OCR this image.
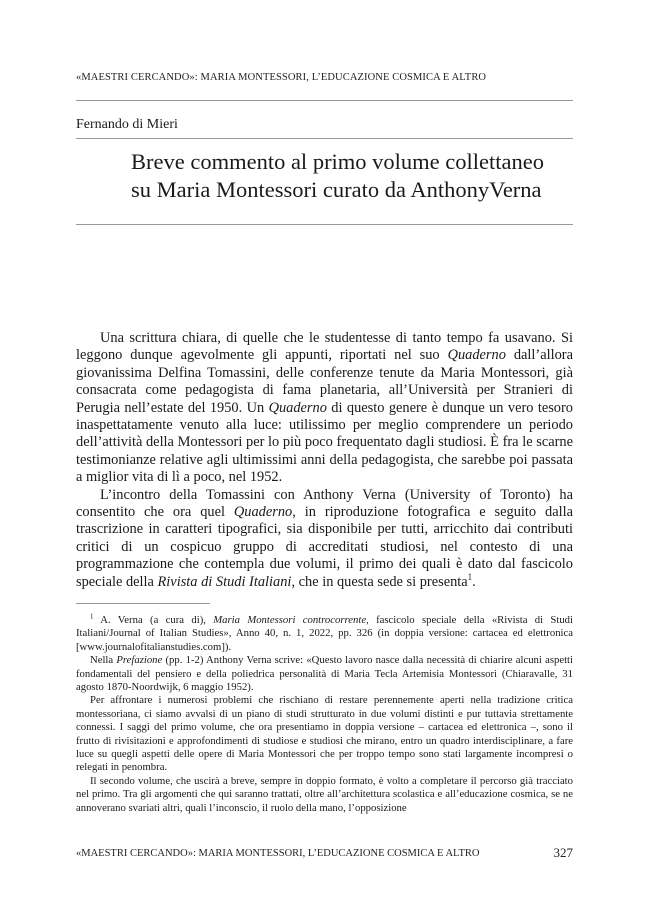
«MAESTRI CERCANDO»: MARIA MONTESSORI, L’EDUCAZIONE COSMICA E ALTRO
Fernando di Mieri
Breve commento al primo volume collettaneo
su Maria Montessori curato da AnthonyVerna

Una scrittura chiara, di quelle che le studentesse di tanto tempo fa usavano. Si leggono dunque agevolmente gli appunti, riportati nel suo Quaderno dall’allora giovanissima Delfina Tomassini, delle conferenze tenute da Maria Montessori, già consacrata come pedagogista di fama planetaria, all’Università per Stranieri di Perugia nell’estate del 1950. Un Quaderno di questo genere è dunque un vero tesoro inaspettatamente venuto alla luce: utilissimo per meglio comprendere un periodo dell’attività della Montessori per lo più poco frequentato dagli studiosi. È fra le scarne testimonianze relative agli ultimissimi anni della pedagogista, che sarebbe poi passata a miglior vita di lì a poco, nel 1952.

L’incontro della Tomassini con Anthony Verna (University of Toronto) ha consentito che ora quel Quaderno, in riproduzione fotografica e seguito dalla trascrizione in caratteri tipografici, sia disponibile per tutti, arricchito dai contributi critici di un cospicuo gruppo di accreditati studiosi, nel contesto di una programmazione che contempla due volumi, il primo dei quali è dato dal fascicolo speciale della Rivista di Studi Italiani, che in questa sede si presenta$^1$.

$^1$ A. Verna (a cura di), Maria Montessori controcorrente, fascicolo speciale della «Rivista di Studi Italiani/Journal of Italian Studies», Anno 40, n. 1, 2022, pp. 326 (in doppia versione: cartacea ed elettronica [www.journalofitalianstudies.com]).

Nella Prefazione (pp. 1-2) Anthony Verna scrive: «Questo lavoro nasce dalla necessità di chiarire alcuni aspetti fondamentali del pensiero e della poliedrica personalità di Maria Tecla Artemisia Montessori (Chiaravalle, 31 agosto 1870-Noordwijk, 6 maggio 1952).

Per affrontare i numerosi problemi che rischiano di restare perennemente aperti nella tradizione critica montessoriana, ci siamo avvalsi di un piano di studi strutturato in due volumi distinti e pur tuttavia strettamente connessi. I saggi del primo volume, che ora presentiamo in doppia versione – cartacea ed elettronica –, sono il frutto di rivisitazioni e approfondimenti di studiose e studiosi che mirano, entro un quadro interdisciplinare, a fare luce su quegli aspetti delle opere di Maria Montessori che per troppo tempo sono stati largamente incompresi o relegati in penombra.

Il secondo volume, che uscirà a breve, sempre in doppio formato, è volto a completare il percorso già tracciato nel primo. Tra gli argomenti che qui saranno trattati, oltre all’architettura scolastica e all’educazione cosmica, se ne annoverano svariati altri, quali l’inconscio, il ruolo della mano, l’opposizione

«MAESTRI CERCANDO»: MARIA MONTESSORI, L’EDUCAZIONE COSMICA E ALTRO	327
